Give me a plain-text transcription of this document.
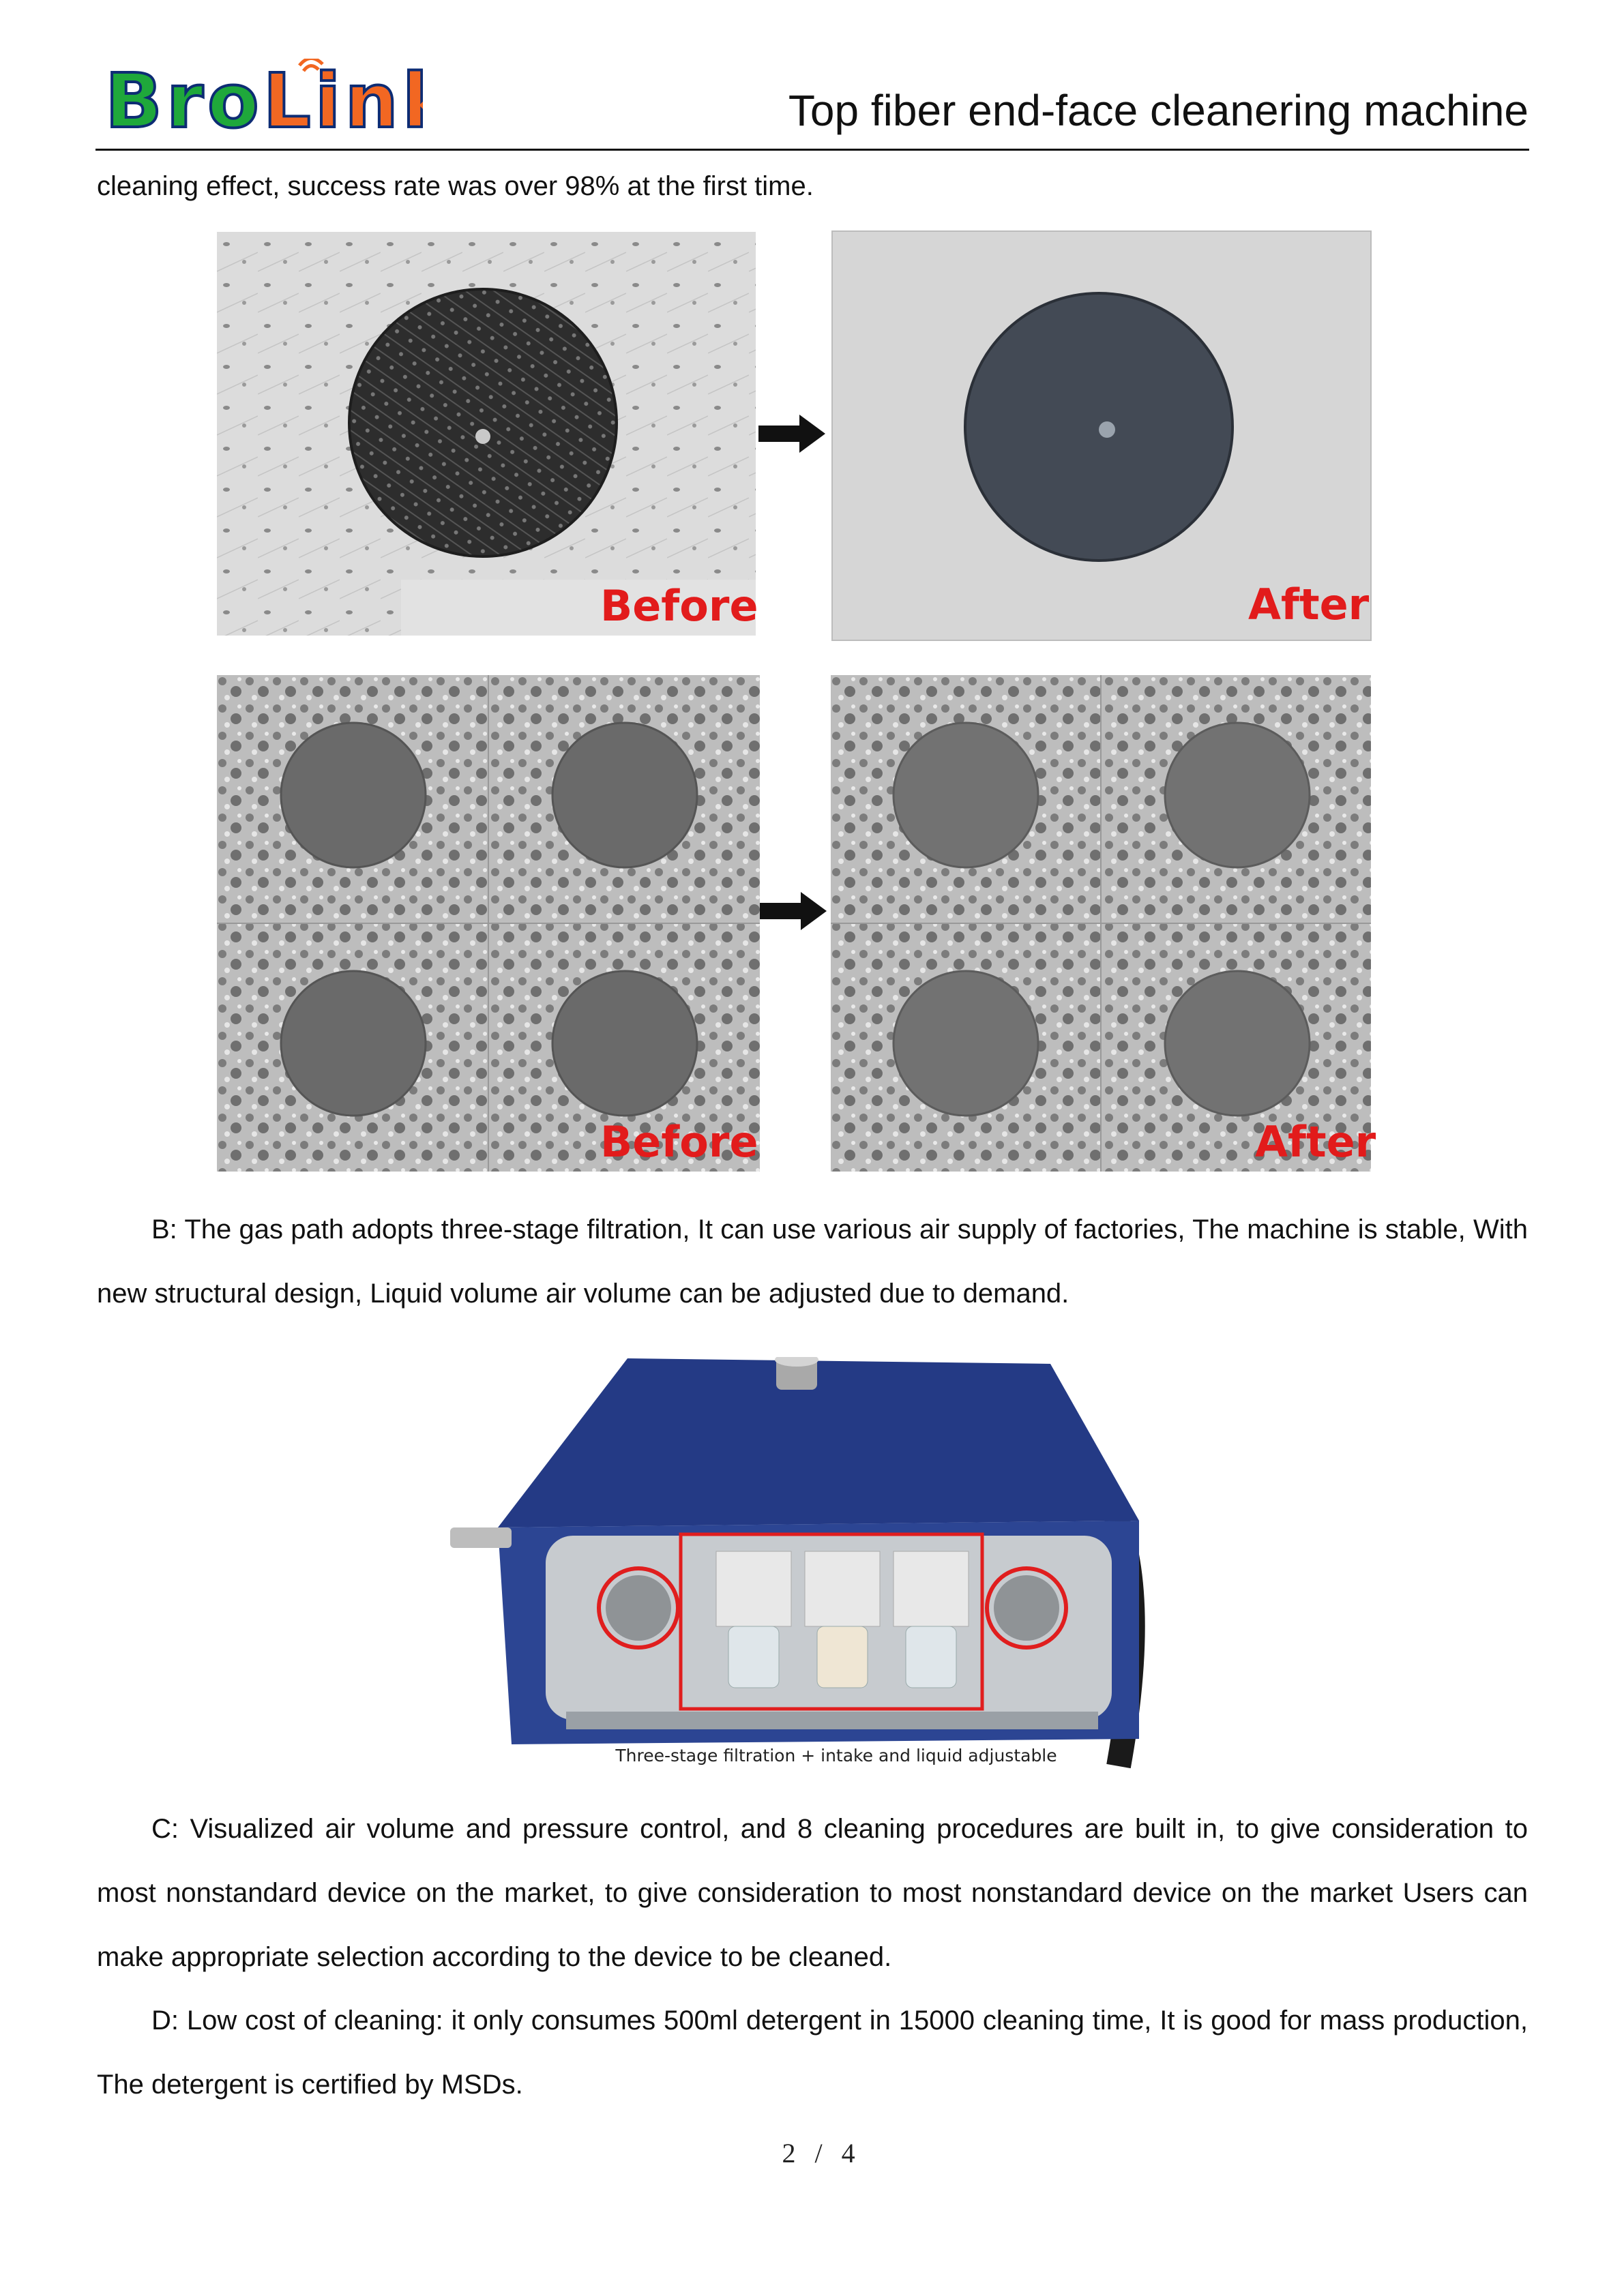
BroLink	Top fiber end-face cleanering machine
cleaning effect, success rate was over 98% at the first time.
Before	After
Before	After
B: The gas path adopts three-stage filtration, It can use various air supply of factories, The machine is stable, With new structural design, Liquid volume air volume can be adjusted due to demand.
Three-stage filtration + intake and liquid adjustable
C: Visualized air volume and pressure control, and 8 cleaning procedures are built in, to give consideration to most nonstandard device on the market, to give consideration to most nonstandard device on the market Users can make appropriate selection according to the device to be cleaned.
D: Low cost of cleaning: it only consumes 500ml detergent in 15000 cleaning time, It is good for mass production, The detergent is certified by MSDs.
2 / 4
